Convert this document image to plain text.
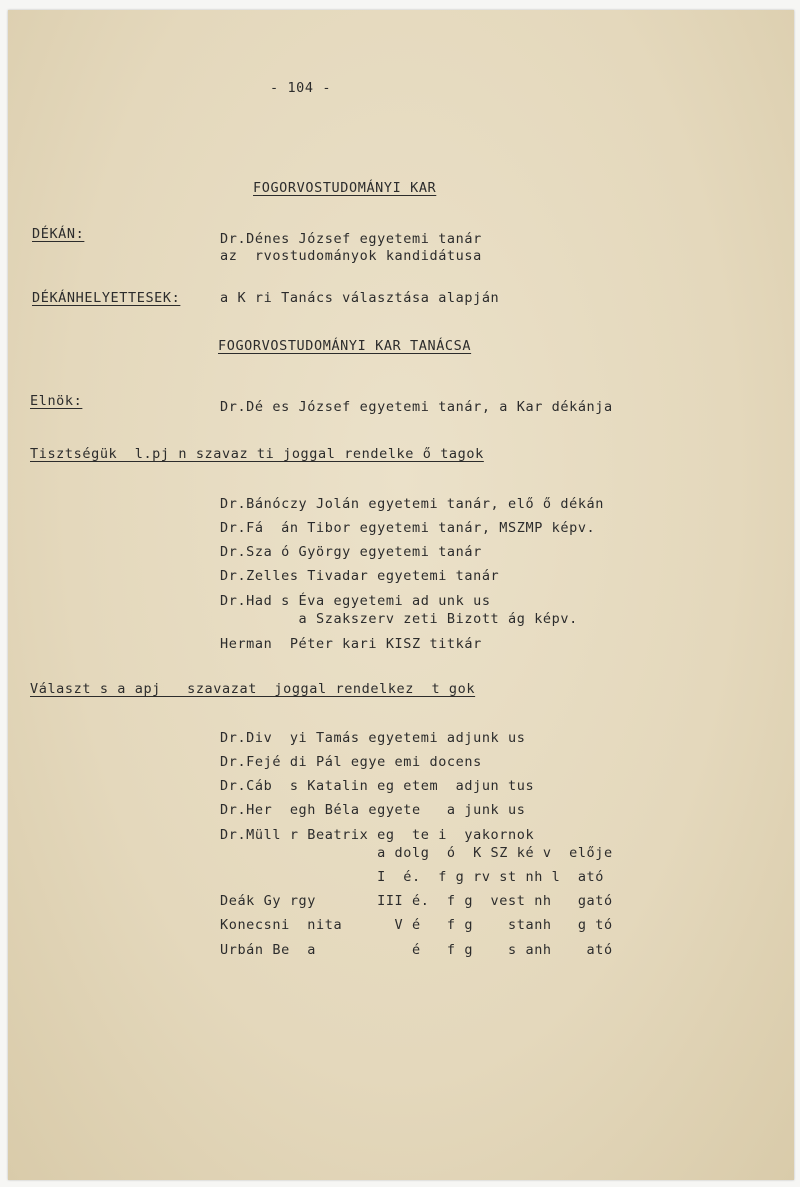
- 104 -
FOGORVOSTUDOMÁNYI KAR
DÉKÁN:	Dr.Dénes József egyetemi tanár
az  rvostudományok kandidátusa
DÉKÁNHELYETTESEK:	a K ri Tanács választása alapján
FOGORVOSTUDOMÁNYI KAR TANÁCSA
Elnök:	Dr.Dé es József egyetemi tanár, a Kar dékánja
Tisztségük  l.pj n szavaz ti joggal rendelke ő tagok
Dr.Bánóczy Jolán egyetemi tanár, elő ő dékán
Dr.Fá  án Tibor egyetemi tanár, MSZMP képv.
Dr.Sza ó György egyetemi tanár
Dr.Zelles Tivadar egyetemi tanár
Dr.Had s Éva egyetemi ad unk us
a Szakszerv zeti Bizott ág képv.
Herman  Péter kari KISZ titkár
Választ s a apj   szavazat  joggal rendelkez  t gok
Dr.Div  yi Tamás egyetemi adjunk us
Dr.Fejé di Pál egye emi docens
Dr.Cáb  s Katalin eg etem  adjun tus
Dr.Her  egh Béla egyete   a junk us
Dr.Müll r Beatrix eg  te i  yakornok
a dolg  ó  K SZ ké v  elője
I  é.  f g rv st nh l  ató
Deák Gy rgy       III é.  f g  vest nh   gató
Konecsni  nita      V é   f g    stanh   g tó
Urbán Be  a           é   f g    s anh    ató
